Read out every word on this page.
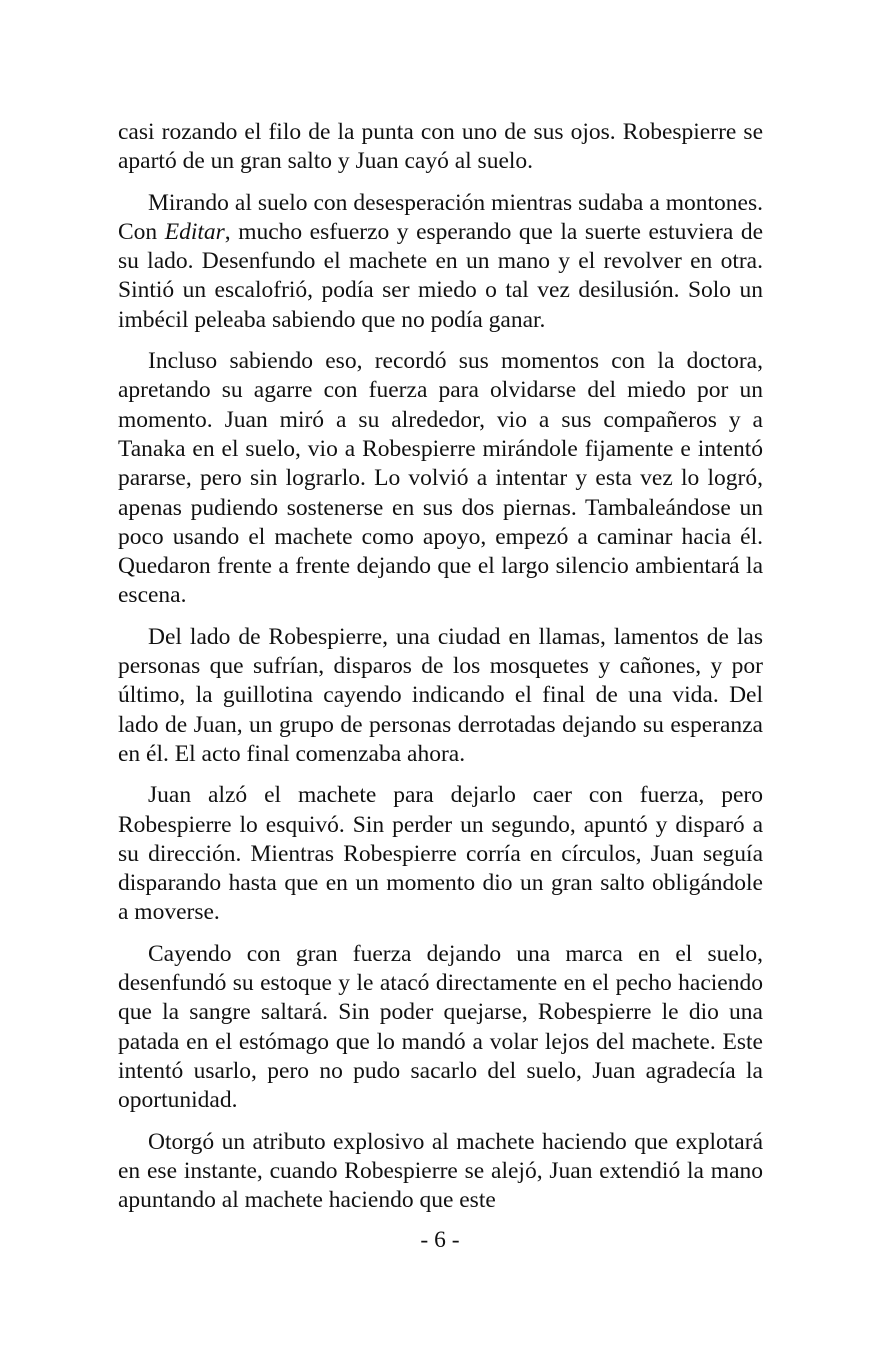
casi rozando el filo de la punta con uno de sus ojos. Robespierre se apartó de un gran salto y Juan cayó al suelo.

Mirando al suelo con desesperación mientras sudaba a montones. Con Editar, mucho esfuerzo y esperando que la suerte estuviera de su lado. Desenfundo el machete en un mano y el revolver en otra. Sintió un escalofrió, podía ser miedo o tal vez desilusión. Solo un imbécil peleaba sabiendo que no podía ganar.

Incluso sabiendo eso, recordó sus momentos con la doctora, apretando su agarre con fuerza para olvidarse del miedo por un momento. Juan miró a su alrededor, vio a sus compañeros y a Tanaka en el suelo, vio a Robespierre mirándole fijamente e intentó pararse, pero sin lograrlo. Lo volvió a intentar y esta vez lo logró, apenas pudiendo sostenerse en sus dos piernas. Tambaleándose un poco usando el machete como apoyo, empezó a caminar hacia él. Quedaron frente a frente dejando que el largo silencio ambientará la escena.

Del lado de Robespierre, una ciudad en llamas, lamentos de las personas que sufrían, disparos de los mosquetes y cañones, y por último, la guillotina cayendo indicando el final de una vida. Del lado de Juan, un grupo de personas derrotadas dejando su esperanza en él. El acto final comenzaba ahora.

Juan alzó el machete para dejarlo caer con fuerza, pero Robespierre lo esquivó. Sin perder un segundo, apuntó y disparó a su dirección. Mientras Robespierre corría en círculos, Juan seguía disparando hasta que en un momento dio un gran salto obligándole a moverse.

Cayendo con gran fuerza dejando una marca en el suelo, desenfundó su estoque y le atacó directamente en el pecho haciendo que la sangre saltará. Sin poder quejarse, Robespierre le dio una patada en el estómago que lo mandó a volar lejos del machete. Este intentó usarlo, pero no pudo sacarlo del suelo, Juan agradecía la oportunidad.

Otorgó un atributo explosivo al machete haciendo que explotará en ese instante, cuando Robespierre se alejó, Juan extendió la mano apuntando al machete haciendo que este

- 6 -
